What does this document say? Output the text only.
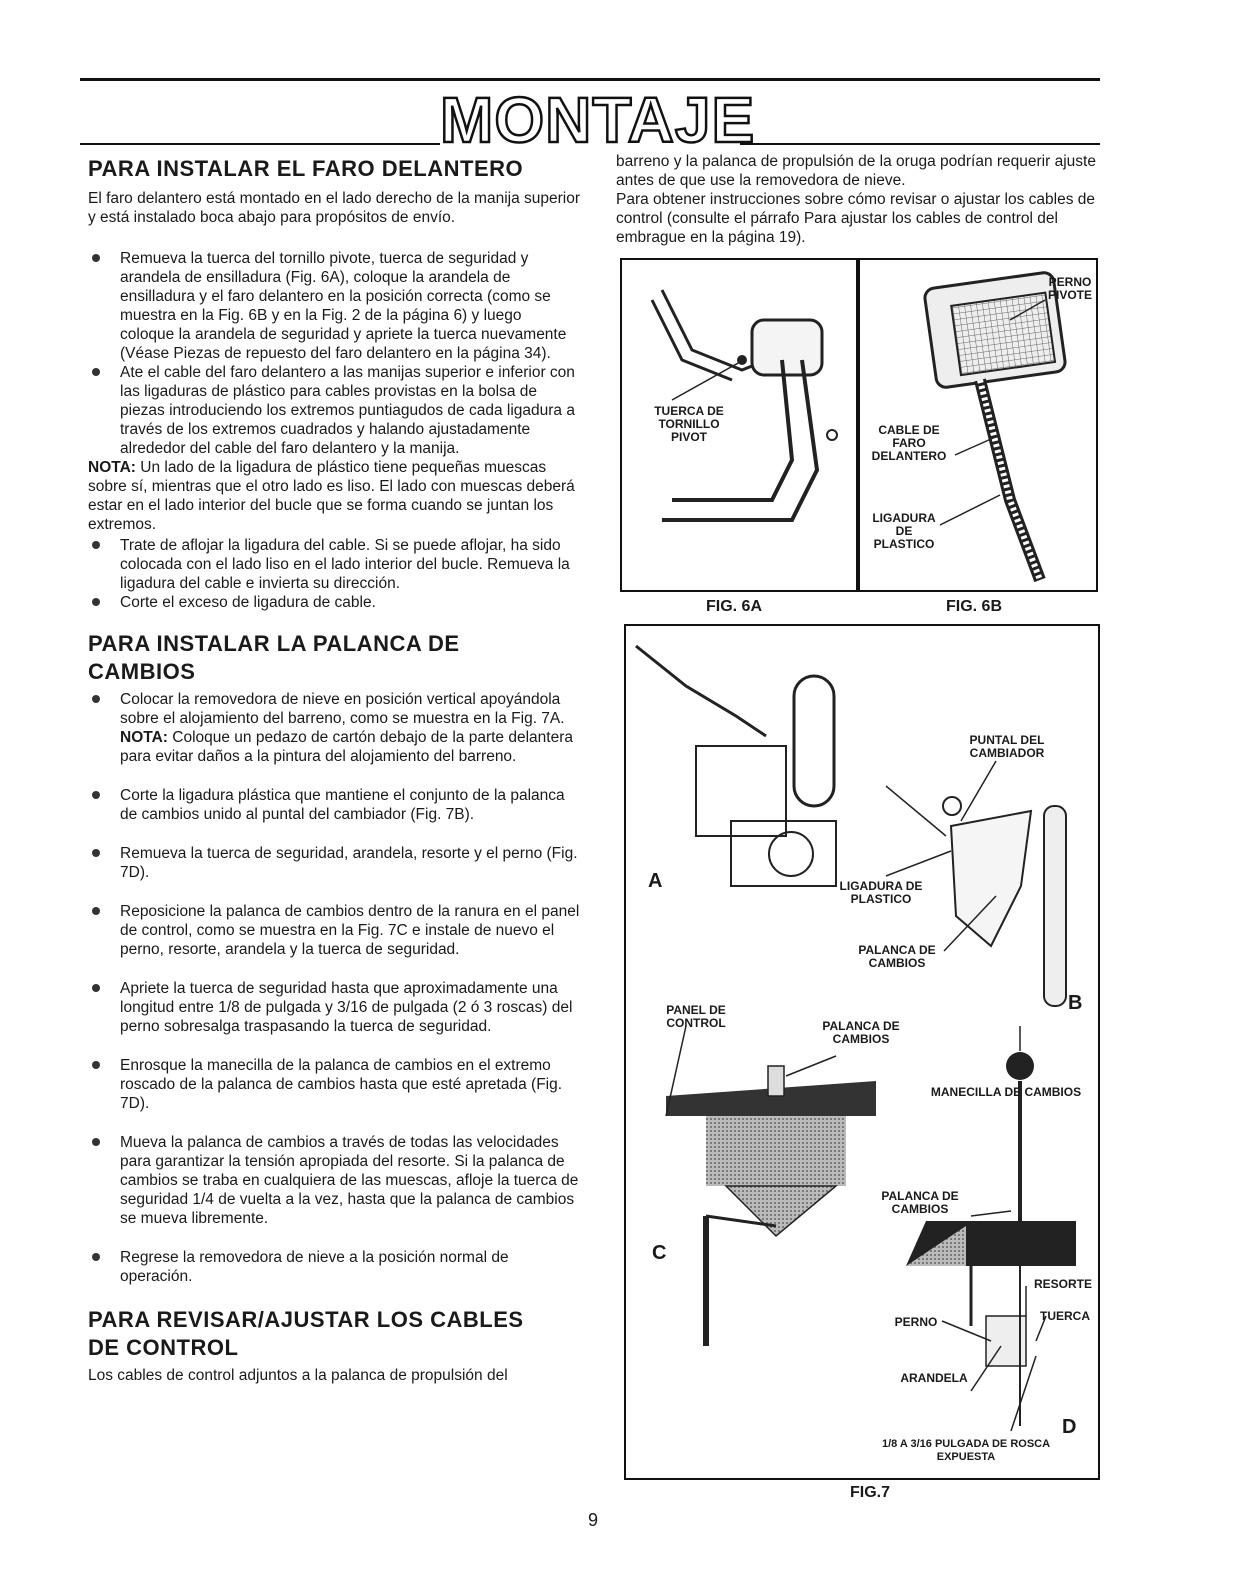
MONTAJE
PARA INSTALAR EL FARO DELANTERO
El faro delantero está montado en el lado derecho de la manija superior y está instalado boca abajo para propósitos de envío.
Remueva la tuerca del tornillo pivote, tuerca de seguridad y arandela de ensilladura (Fig. 6A), coloque la arandela de ensilladura y el faro delantero en la posición correcta (como se muestra en la Fig. 6B y en la Fig. 2 de la página 6) y luego coloque la arandela de seguridad y apriete la tuerca nuevamente (Véase Piezas de repuesto del faro delantero en la página 34).
Ate el cable del faro delantero a las manijas superior e inferior con las ligaduras de plástico para cables provistas en la bolsa de piezas introduciendo los extremos puntiagudos de cada ligadura a través de los extremos cuadrados y halando ajustadamente alrededor del cable del faro delantero y la manija.
NOTA: Un lado de la ligadura de plástico tiene pequeñas muescas sobre sí, mientras que el otro lado es liso. El lado con muescas deberá estar en el lado interior del bucle que se forma cuando se juntan los extremos.
Trate de aflojar la ligadura del cable. Si se puede aflojar, ha sido colocada con el lado liso en el lado interior del bucle. Remueva la ligadura del cable e invierta su dirección.
Corte el exceso de ligadura de cable.
PARA INSTALAR LA PALANCA DE CAMBIOS
Colocar la removedora de nieve en posición vertical apoyándola sobre el alojamiento del barreno, como se muestra en la Fig. 7A. NOTA: Coloque un pedazo de cartón debajo de la parte delantera para evitar daños a la pintura del alojamiento del barreno.
Corte la ligadura plástica que mantiene el conjunto de la palanca de cambios unido al puntal del cambiador (Fig. 7B).
Remueva la tuerca de seguridad, arandela, resorte y el perno (Fig. 7D).
Reposicione la palanca de cambios dentro de la ranura en el panel de control, como se muestra en la Fig. 7C e instale de nuevo el perno, resorte, arandela y la tuerca de seguridad.
Apriete la tuerca de seguridad hasta que aproximadamente una longitud entre 1/8 de pulgada y 3/16 de pulgada (2 ó 3 roscas) del perno sobresalga traspasando la tuerca de seguridad.
Enrosque la manecilla de la palanca de cambios en el extremo roscado de la palanca de cambios hasta que esté apretada (Fig. 7D).
Mueva la palanca de cambios a través de todas las velocidades para garantizar la tensión apropiada del resorte. Si la palanca de cambios se traba en cualquiera de las muescas, afloje la tuerca de seguridad 1/4 de vuelta a la vez, hasta que la palanca de cambios se mueva libremente.
Regrese la removedora de nieve a la posición normal de operación.
PARA REVISAR/AJUSTAR LOS CABLES DE CONTROL
Los cables de control adjuntos a la palanca de propulsión del
barreno y la palanca de propulsión de la oruga podrían requerir ajuste antes de que use la removedora de nieve.
Para obtener instrucciones sobre cómo revisar o ajustar los cables de control (consulte el párrafo Para ajustar los cables de control del embrague en la página 19).
TUERCA DE TORNILLO PIVOT
PERNO PIVOTE
CABLE DE FARO DELANTERO
LIGADURA DE PLASTICO
FIG. 6A	FIG. 6B
A
B
C
D
PUNTAL DEL CAMBIADOR
LIGADURA DE PLASTICO
PALANCA DE CAMBIOS
PANEL DE CONTROL	PALANCA DE CAMBIOS
MANECILLA DE CAMBIOS
PALANCA DE CAMBIOS
RESORTE
PERNO	TUERCA
ARANDELA
1/8 A 3/16 PULGADA DE ROSCA EXPUESTA
FIG.7
9
